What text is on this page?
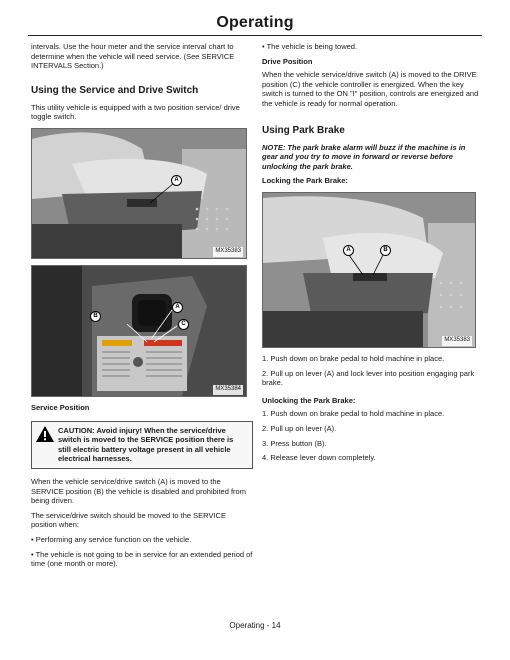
Operating

intervals. Use the hour meter and the service interval chart to determine when the vehicle will need service. (See SERVICE INTERVALS Section.)

Using the Service and Drive Switch

This utility vehicle is equipped with a two position service/ drive toggle switch.

A
MX35383
A
B
C
MX35384
Service Position
CAUTION: Avoid injury! When the service/drive switch is moved to the SERVICE position there is still electric battery voltage present in all vehicle electrical harnesses.

When the vehicle service/drive switch (A) is moved to the SERVICE position (B) the vehicle is disabled and prohibited from being driven.

The service/drive switch should be moved to the SERVICE position when:

• Performing any service function on the vehicle.

• The vehicle is not going to be in service for an extended period of time (one month or more).

• The vehicle is being towed.

Drive Position

When the vehicle service/drive switch (A) is moved to the DRIVE position (C) the vehicle controller is energized. When the key switch is turned to the ON "I" position, controls are energized and the vehicle is ready for normal operation.

Using Park Brake

NOTE: The park brake alarm will buzz if the machine is in gear and you try to move in forward or reverse before unlocking the park brake.

Locking the Park Brake:
A	B
MX35383

1. Push down on brake pedal to hold machine in place.

2. Pull up on lever (A) and lock lever into position engaging park brake.

Unlocking the Park Brake:

1. Push down on brake pedal to hold machine in place.

2. Pull up on lever (A).

3. Press button (B).

4. Release lever down completely.

Operating - 14
